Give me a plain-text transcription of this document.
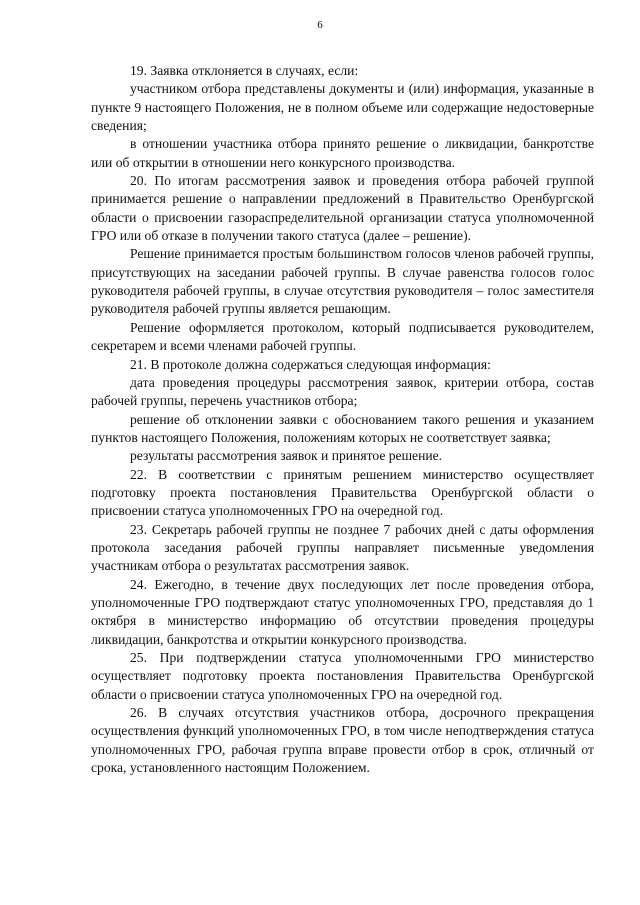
6

19. Заявка отклоняется в случаях, если:

участником отбора представлены документы и (или) информация, указанные в пункте 9 настоящего Положения, не в полном объеме или содержащие недостоверные сведения;

в отношении участника отбора принято решение о ликвидации, банкротстве или об открытии в отношении него конкурсного производства.

20. По итогам рассмотрения заявок и проведения отбора рабочей группой принимается решение о направлении предложений в Правительство Оренбургской области о присвоении газораспределительной организации статуса уполномоченной ГРО или об отказе в получении такого статуса (далее – решение).

Решение принимается простым большинством голосов членов рабочей группы, присутствующих на заседании рабочей группы. В случае равенства голосов голос руководителя рабочей группы, в случае отсутствия руководителя – голос заместителя руководителя рабочей группы является решающим.

Решение оформляется протоколом, который подписывается руководителем, секретарем и всеми членами рабочей группы.

21. В протоколе должна содержаться следующая информация:

дата проведения процедуры рассмотрения заявок, критерии отбора, состав рабочей группы, перечень участников отбора;

решение об отклонении заявки с обоснованием такого решения и указанием пунктов настоящего Положения, положениям которых не соответствует заявка;

результаты рассмотрения заявок и принятое решение.

22. В соответствии с принятым решением министерство осуществляет подготовку проекта постановления Правительства Оренбургской области о присвоении статуса уполномоченных ГРО на очередной год.

23. Секретарь рабочей группы не позднее 7 рабочих дней с даты оформления протокола заседания рабочей группы направляет письменные уведомления участникам отбора о результатах рассмотрения заявок.

24. Ежегодно, в течение двух последующих лет после проведения отбора, уполномоченные ГРО подтверждают статус уполномоченных ГРО, представляя до 1 октября в министерство информацию об отсутствии проведения процедуры ликвидации, банкротства и открытии конкурсного производства.

25. При подтверждении статуса уполномоченными ГРО министерство осуществляет подготовку проекта постановления Правительства Оренбургской области о присвоении статуса уполномоченных ГРО на очередной год.

26. В случаях отсутствия участников отбора, досрочного прекращения осуществления функций уполномоченных ГРО, в том числе неподтверждения статуса уполномоченных ГРО, рабочая группа вправе провести отбор в срок, отличный от срока, установленного настоящим Положением.
